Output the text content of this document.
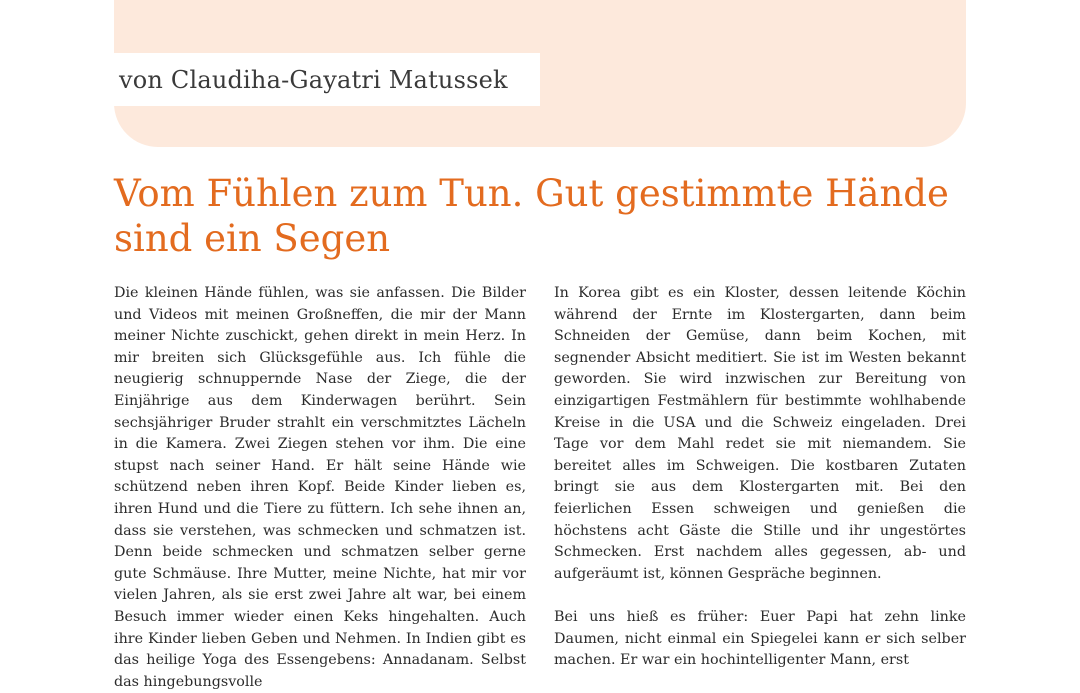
von Claudiha-Gayatri Matussek
Vom Fühlen zum Tun. Gut gestimmte Hände sind ein Segen

Die kleinen Hände fühlen, was sie anfassen. Die Bilder und Videos mit meinen Großneffen, die mir der Mann meiner Nichte zuschickt, gehen direkt in mein Herz. In mir breiten sich Glücksgefühle aus. Ich fühle die neugierig schnuppernde Nase der Ziege, die der Einjährige aus dem Kinderwagen berührt. Sein sechsjähriger Bruder strahlt ein verschmitztes Lächeln in die Kamera. Zwei Ziegen stehen vor ihm. Die eine stupst nach seiner Hand. Er hält seine Hände wie schützend neben ihren Kopf. Beide Kinder lieben es, ihren Hund und die Tiere zu füttern. Ich sehe ihnen an, dass sie verstehen, was schmecken und schmatzen ist. Denn beide schmecken und schmatzen selber gerne gute Schmäuse. Ihre Mutter, meine Nichte, hat mir vor vielen Jahren, als sie erst zwei Jahre alt war, bei einem Besuch immer wieder einen Keks hingehalten. Auch ihre Kinder lieben Geben und Nehmen. In Indien gibt es das heilige Yoga des Essengebens: Annadanam. Selbst das hingebungsvolle

In Korea gibt es ein Kloster, dessen leitende Köchin während der Ernte im Klostergarten, dann beim Schneiden der Gemüse, dann beim Kochen, mit segnender Absicht meditiert. Sie ist im Westen bekannt geworden. Sie wird inzwischen zur Bereitung von einzigartigen Festmählern für bestimmte wohlhabende Kreise in die USA und die Schweiz eingeladen. Drei Tage vor dem Mahl redet sie mit niemandem. Sie bereitet alles im Schweigen. Die kostbaren Zutaten bringt sie aus dem Klostergarten mit. Bei den feierlichen Essen schweigen und genießen die höchstens acht Gäste die Stille und ihr ungestörtes Schmecken. Erst nachdem alles gegessen, ab- und aufgeräumt ist, können Gespräche beginnen.

Bei uns hieß es früher: Euer Papi hat zehn linke Daumen, nicht einmal ein Spiegelei kann er sich selber machen. Er war ein hochintelligenter Mann, erst
